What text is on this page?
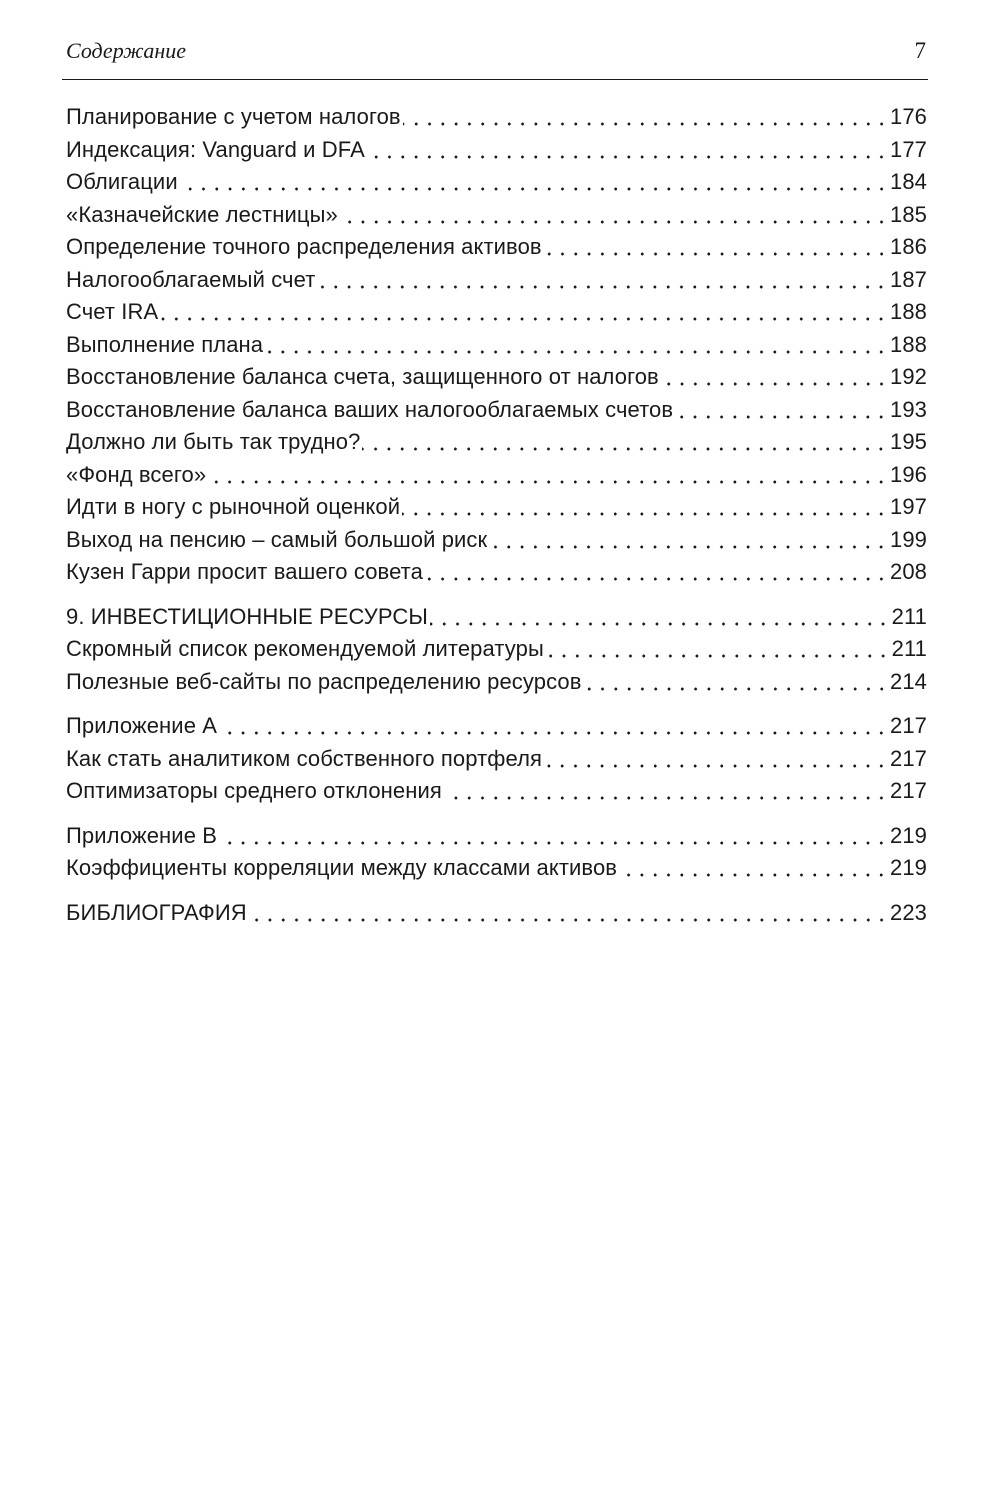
Содержание	7
Планирование с учетом налогов	176
Индексация: Vanguard и DFA	177
Облигации	184
«Казначейские лестницы»	185
Определение точного распределения активов	186
Налогооблагаемый счет	187
Счет IRA	188
Выполнение плана	188
Восстановление баланса счета, защищенного от налогов	192
Восстановление баланса ваших налогооблагаемых счетов	193
Должно ли быть так трудно?	195
«Фонд всего»	196
Идти в ногу с рыночной оценкой	197
Выход на пенсию – самый большой риск	199
Кузен Гарри просит вашего совета	208
9. ИНВЕСТИЦИОННЫЕ РЕСУРСЫ	211
Скромный список рекомендуемой литературы	211
Полезные веб-сайты по распределению ресурсов	214
Приложение А	217
Как стать аналитиком собственного портфеля	217
Оптимизаторы среднего отклонения	217
Приложение В	219
Коэффициенты корреляции между классами активов	219
БИБЛИОГРАФИЯ	223
